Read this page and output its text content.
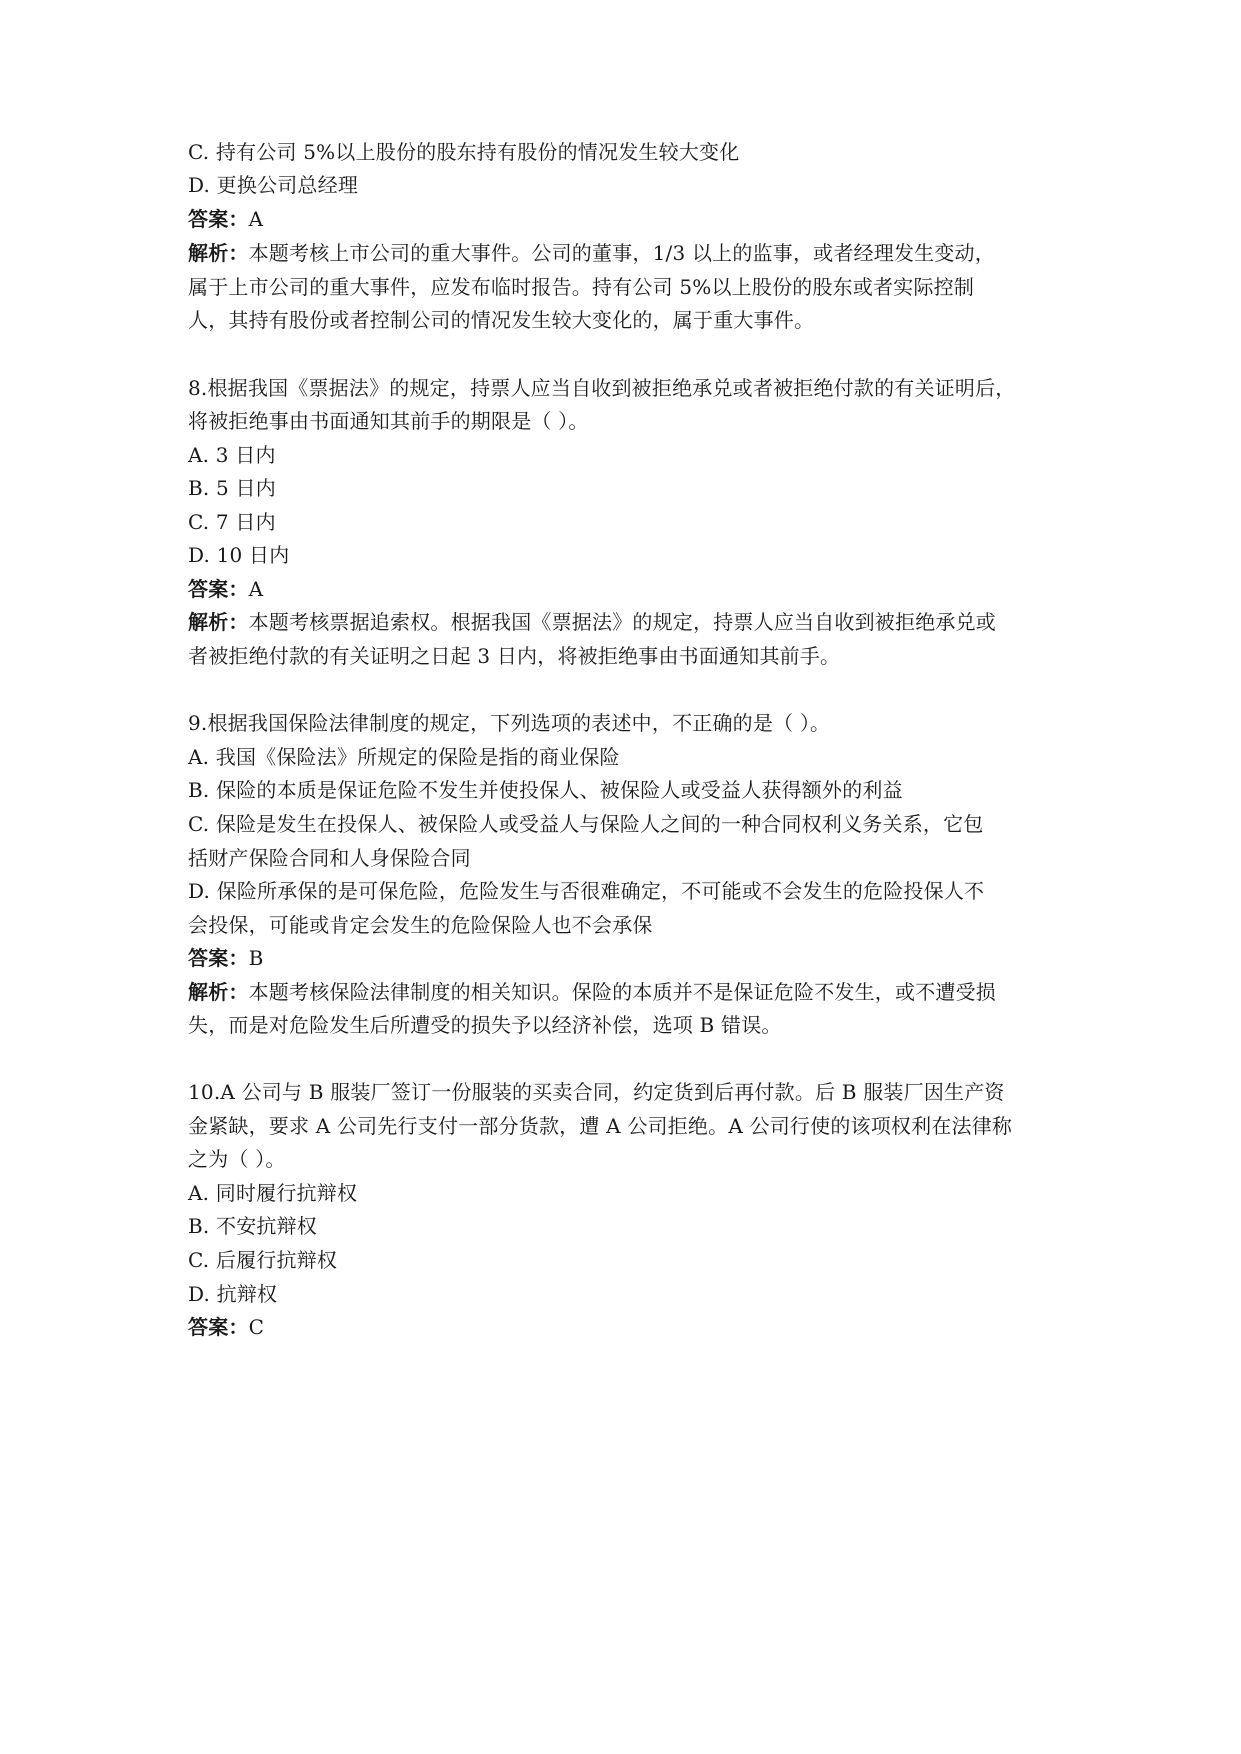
C. 持有公司 5%以上股份的股东持有股份的情况发生较大变化
D. 更换公司总经理
答案：A
解析：本题考核上市公司的重大事件。公司的董事，1/3 以上的监事，或者经理发生变动，
属于上市公司的重大事件，应发布临时报告。持有公司 5%以上股份的股东或者实际控制
人，其持有股份或者控制公司的情况发生较大变化的，属于重大事件。
8.根据我国《票据法》的规定，持票人应当自收到被拒绝承兑或者被拒绝付款的有关证明后，
将被拒绝事由书面通知其前手的期限是（ ）。
A. 3 日内
B. 5 日内
C. 7 日内
D. 10 日内
答案：A
解析：本题考核票据追索权。根据我国《票据法》的规定，持票人应当自收到被拒绝承兑或
者被拒绝付款的有关证明之日起 3 日内，将被拒绝事由书面通知其前手。
9.根据我国保险法律制度的规定，下列选项的表述中，不正确的是（ ）。
A. 我国《保险法》所规定的保险是指的商业保险
B. 保险的本质是保证危险不发生并使投保人、被保险人或受益人获得额外的利益
C. 保险是发生在投保人、被保险人或受益人与保险人之间的一种合同权利义务关系，它包
括财产保险合同和人身保险合同
D. 保险所承保的是可保危险，危险发生与否很难确定，不可能或不会发生的危险投保人不
会投保，可能或肯定会发生的危险保险人也不会承保
答案：B
解析：本题考核保险法律制度的相关知识。保险的本质并不是保证危险不发生，或不遭受损
失，而是对危险发生后所遭受的损失予以经济补偿，选项 B 错误。
10.A 公司与 B 服装厂签订一份服装的买卖合同，约定货到后再付款。后 B 服装厂因生产资
金紧缺，要求 A 公司先行支付一部分货款，遭 A 公司拒绝。A 公司行使的该项权利在法律称
之为（ ）。
A. 同时履行抗辩权
B. 不安抗辩权
C. 后履行抗辩权
D. 抗辩权
答案：C
